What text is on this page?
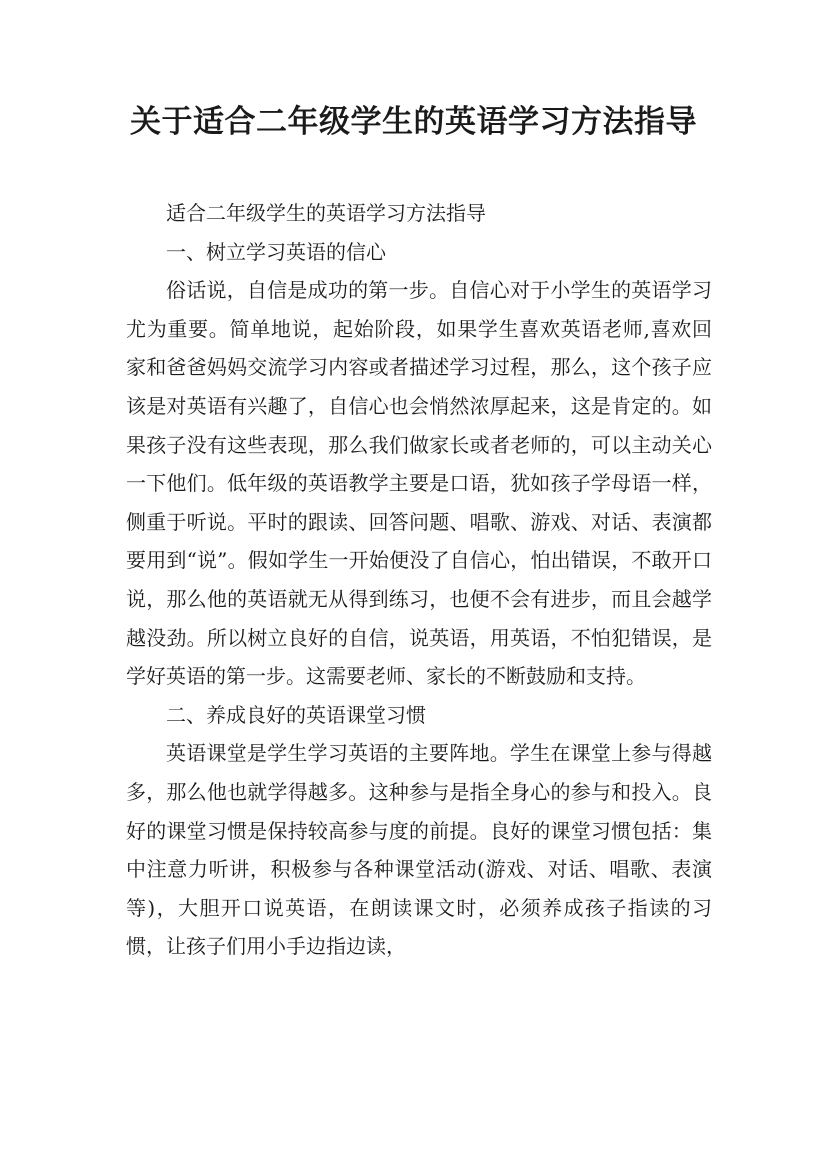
关于适合二年级学生的英语学习方法指导

适合二年级学生的英语学习方法指导

一、树立学习英语的信心

俗话说，自信是成功的第一步。自信心对于小学生的英语学习尤为重要。简单地说，起始阶段，如果学生喜欢英语老师,喜欢回家和爸爸妈妈交流学习内容或者描述学习过程，那么，这个孩子应该是对英语有兴趣了，自信心也会悄然浓厚起来，这是肯定的。如果孩子没有这些表现，那么我们做家长或者老师的，可以主动关心一下他们。低年级的英语教学主要是口语，犹如孩子学母语一样，侧重于听说。平时的跟读、回答问题、唱歌、游戏、对话、表演都要用到“说”。假如学生一开始便没了自信心，怕出错误，不敢开口说，那么他的英语就无从得到练习，也便不会有进步，而且会越学越没劲。所以树立良好的自信，说英语，用英语，不怕犯错误，是学好英语的第一步。这需要老师、家长的不断鼓励和支持。

二、养成良好的英语课堂习惯

英语课堂是学生学习英语的主要阵地。学生在课堂上参与得越多，那么他也就学得越多。这种参与是指全身心的参与和投入。良好的课堂习惯是保持较高参与度的前提。良好的课堂习惯包括：集中注意力听讲，积极参与各种课堂活动(游戏、对话、唱歌、表演等)，大胆开口说英语，在朗读课文时，必须养成孩子指读的习惯，让孩子们用小手边指边读，
